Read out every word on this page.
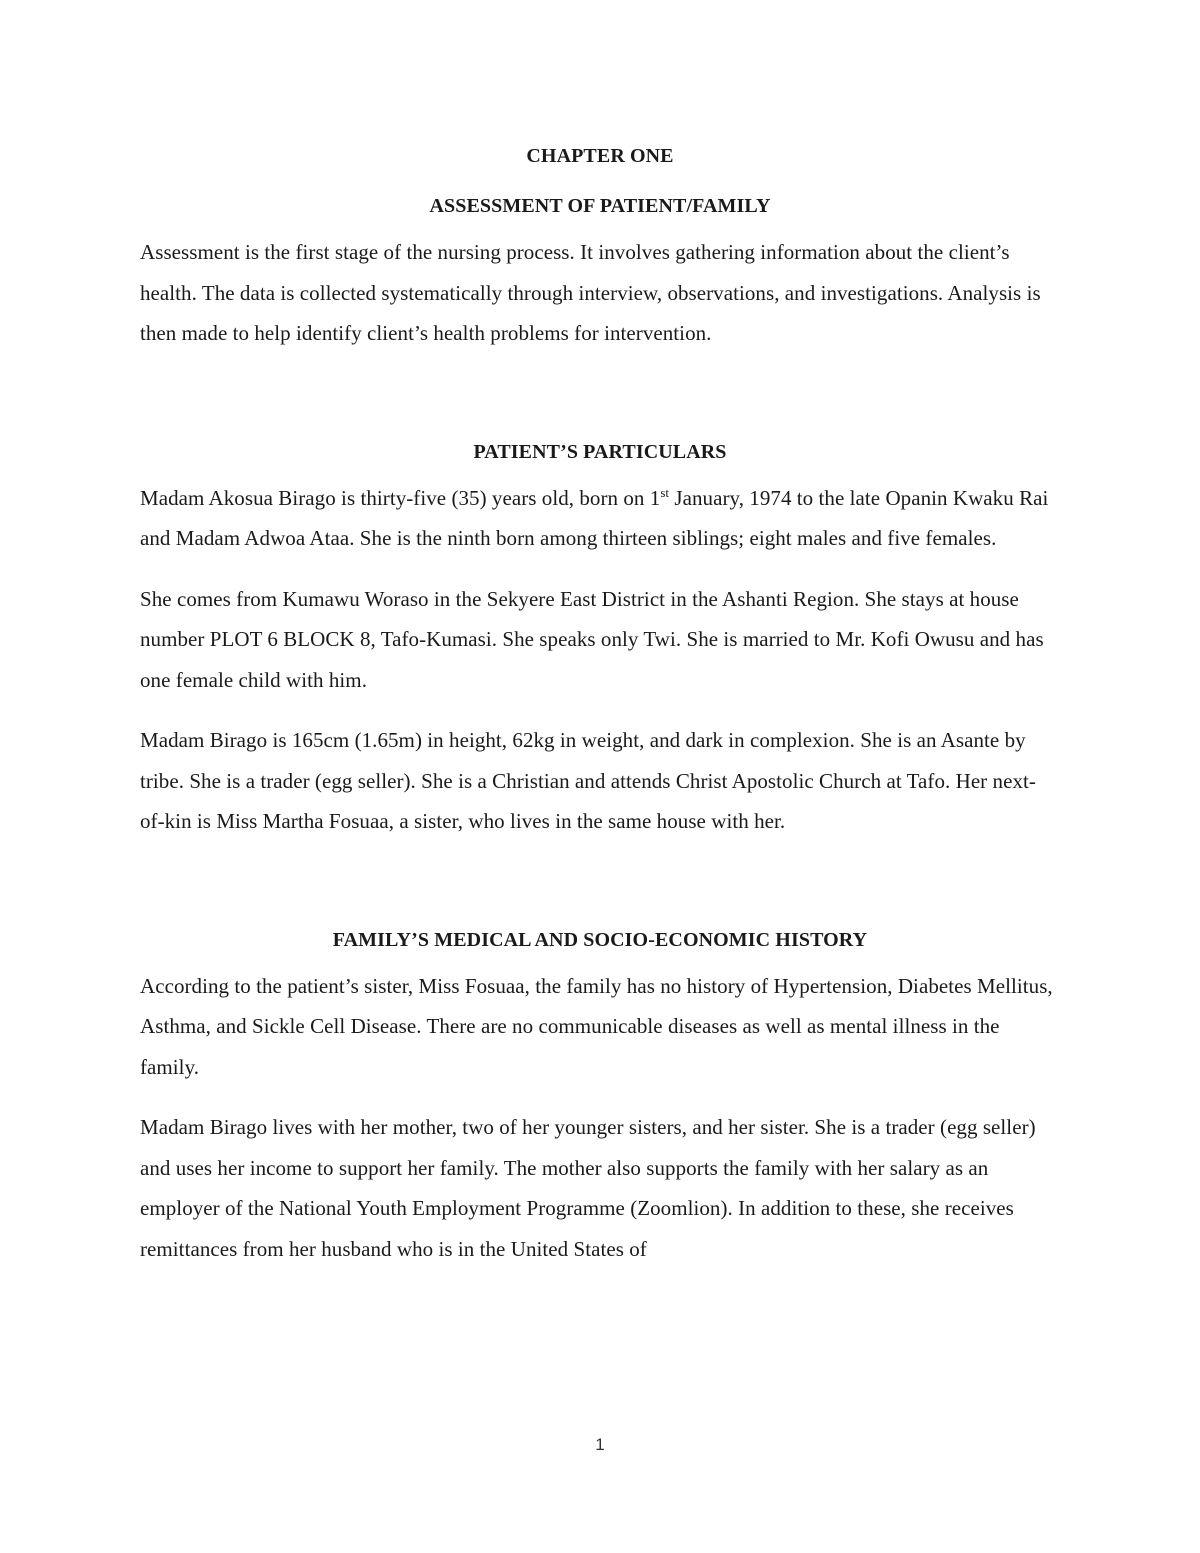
CHAPTER ONE
ASSESSMENT OF PATIENT/FAMILY

Assessment is the first stage of the nursing process. It involves gathering information about the client’s health. The data is collected systematically through interview, observations, and investigations. Analysis is then made to help identify client’s health problems for intervention.

PATIENT’S PARTICULARS

Madam Akosua Birago is thirty-five (35) years old, born on 1st January, 1974 to the late Opanin Kwaku Rai and Madam Adwoa Ataa. She is the ninth born among thirteen siblings; eight males and five females.

She comes from Kumawu Woraso in the Sekyere East District in the Ashanti Region. She stays at house number PLOT 6 BLOCK 8, Tafo-Kumasi. She speaks only Twi. She is married to Mr. Kofi Owusu and has one female child with him.

Madam Birago is 165cm (1.65m) in height, 62kg in weight, and dark in complexion. She is an Asante by tribe. She is a trader (egg seller). She is a Christian and attends Christ Apostolic Church at Tafo. Her next-of-kin is Miss Martha Fosuaa, a sister, who lives in the same house with her.

FAMILY’S MEDICAL AND SOCIO-ECONOMIC HISTORY

According to the patient’s sister, Miss Fosuaa, the family has no history of Hypertension, Diabetes Mellitus, Asthma, and Sickle Cell Disease. There are no communicable diseases as well as mental illness in the family.

Madam Birago lives with her mother, two of her younger sisters, and her sister. She is a trader (egg seller) and uses her income to support her family. The mother also supports the family with her salary as an employer of the National Youth Employment Programme (Zoomlion). In addition to these, she receives remittances from her husband who is in the United States of

1
